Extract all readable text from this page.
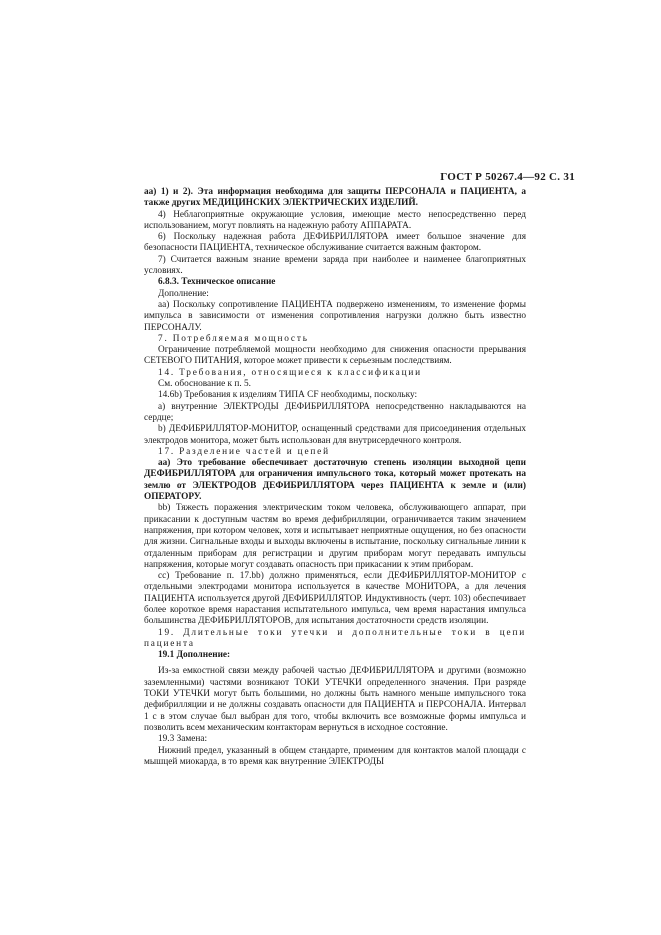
ГОСТ Р 50267.4—92 С. 31

аа) 1) и 2). Эта информация необходима для защиты ПЕРСОНАЛА и ПАЦИЕНТА, а также других МЕДИЦИНСКИХ ЭЛЕКТРИЧЕСКИХ ИЗДЕЛИЙ.

4) Неблагоприятные окружающие условия, имеющие место непосредственно перед использованием, могут повлиять на надежную работу АППАРАТА.

6) Поскольку надежная работа ДЕФИБРИЛЛЯТОРА имеет большое значение для безопасности ПАЦИЕНТА, техническое обслуживание считается важным фактором.

7) Считается важным знание времени заряда при наиболее и наименее благоприятных условиях.

6.8.3. Техническое описание

Дополнение:

аа) Поскольку сопротивление ПАЦИЕНТА подвержено изменениям, то изменение формы импульса в зависимости от изменения сопротивления нагрузки должно быть известно ПЕРСОНАЛУ.

7. Потребляемая мощность

Ограничение потребляемой мощности необходимо для снижения опасности прерывания СЕТЕВОГО ПИТАНИЯ, которое может привести к серьезным последствиям.

14. Требования, относящиеся к классификации

См. обоснование к п. 5.

14.6b) Требования к изделиям ТИПА CF необходимы, поскольку:

a) внутренние ЭЛЕКТРОДЫ ДЕФИБРИЛЛЯТОРА непосредственно накладываются на сердце;

b) ДЕФИБРИЛЛЯТОР-МОНИТОР, оснащенный средствами для присоединения отдельных электродов монитора, может быть использован для внутрисердечного контроля.

17. Разделение частей и цепей

аа) Это требование обеспечивает достаточную степень изоляции выходной цепи ДЕФИБРИЛЛЯТОРА для ограничения импульсного тока, который может протекать на землю от ЭЛЕКТРОДОВ ДЕФИБРИЛЛЯТОРА через ПАЦИЕНТА к земле и (или) ОПЕРАТОРУ.

bb) Тяжесть поражения электрическим током человека, обслуживающего аппарат, при прикасании к доступным частям во время дефибрилляции, ограничивается таким значением напряжения, при котором человек, хотя и испытывает неприятные ощущения, но без опасности для жизни. Сигнальные входы и выходы включены в испытание, поскольку сигнальные линии к отдаленным приборам для регистрации и другим приборам могут передавать импульсы напряжения, которые могут создавать опасность при прикасании к этим приборам.

cc) Требование п. 17.bb) должно применяться, если ДЕФИБРИЛЛЯТОР-МОНИТОР с отдельными электродами монитора используется в качестве МОНИТОРА, а для лечения ПАЦИЕНТА используется другой ДЕФИБРИЛЛЯТОР. Индуктивность (черт. 103) обеспечивает более короткое время нарастания испытательного импульса, чем время нарастания импульса большинства ДЕФИБРИЛЛЯТОРОВ, для испытания достаточности средств изоляции.

19. Длительные токи утечки и дополнительные токи в цепи пациента

19.1 Дополнение:

Из-за емкостной связи между рабочей частью ДЕФИБРИЛЛЯТОРА и другими (возможно заземленными) частями возникают ТОКИ УТЕЧКИ определенного значения. При разряде ТОКИ УТЕЧКИ могут быть большими, но должны быть намного меньше импульсного тока дефибрилляции и не должны создавать опасности для ПАЦИЕНТА и ПЕРСОНАЛА. Интервал 1 с в этом случае был выбран для того, чтобы включить все возможные формы импульса и позволить всем механическим контакторам вернуться в исходное состояние.

19.3 Замена:

Нижний предел, указанный в общем стандарте, применим для контактов малой площади с мышцей миокарда, в то время как внутренние ЭЛЕКТРОДЫ
